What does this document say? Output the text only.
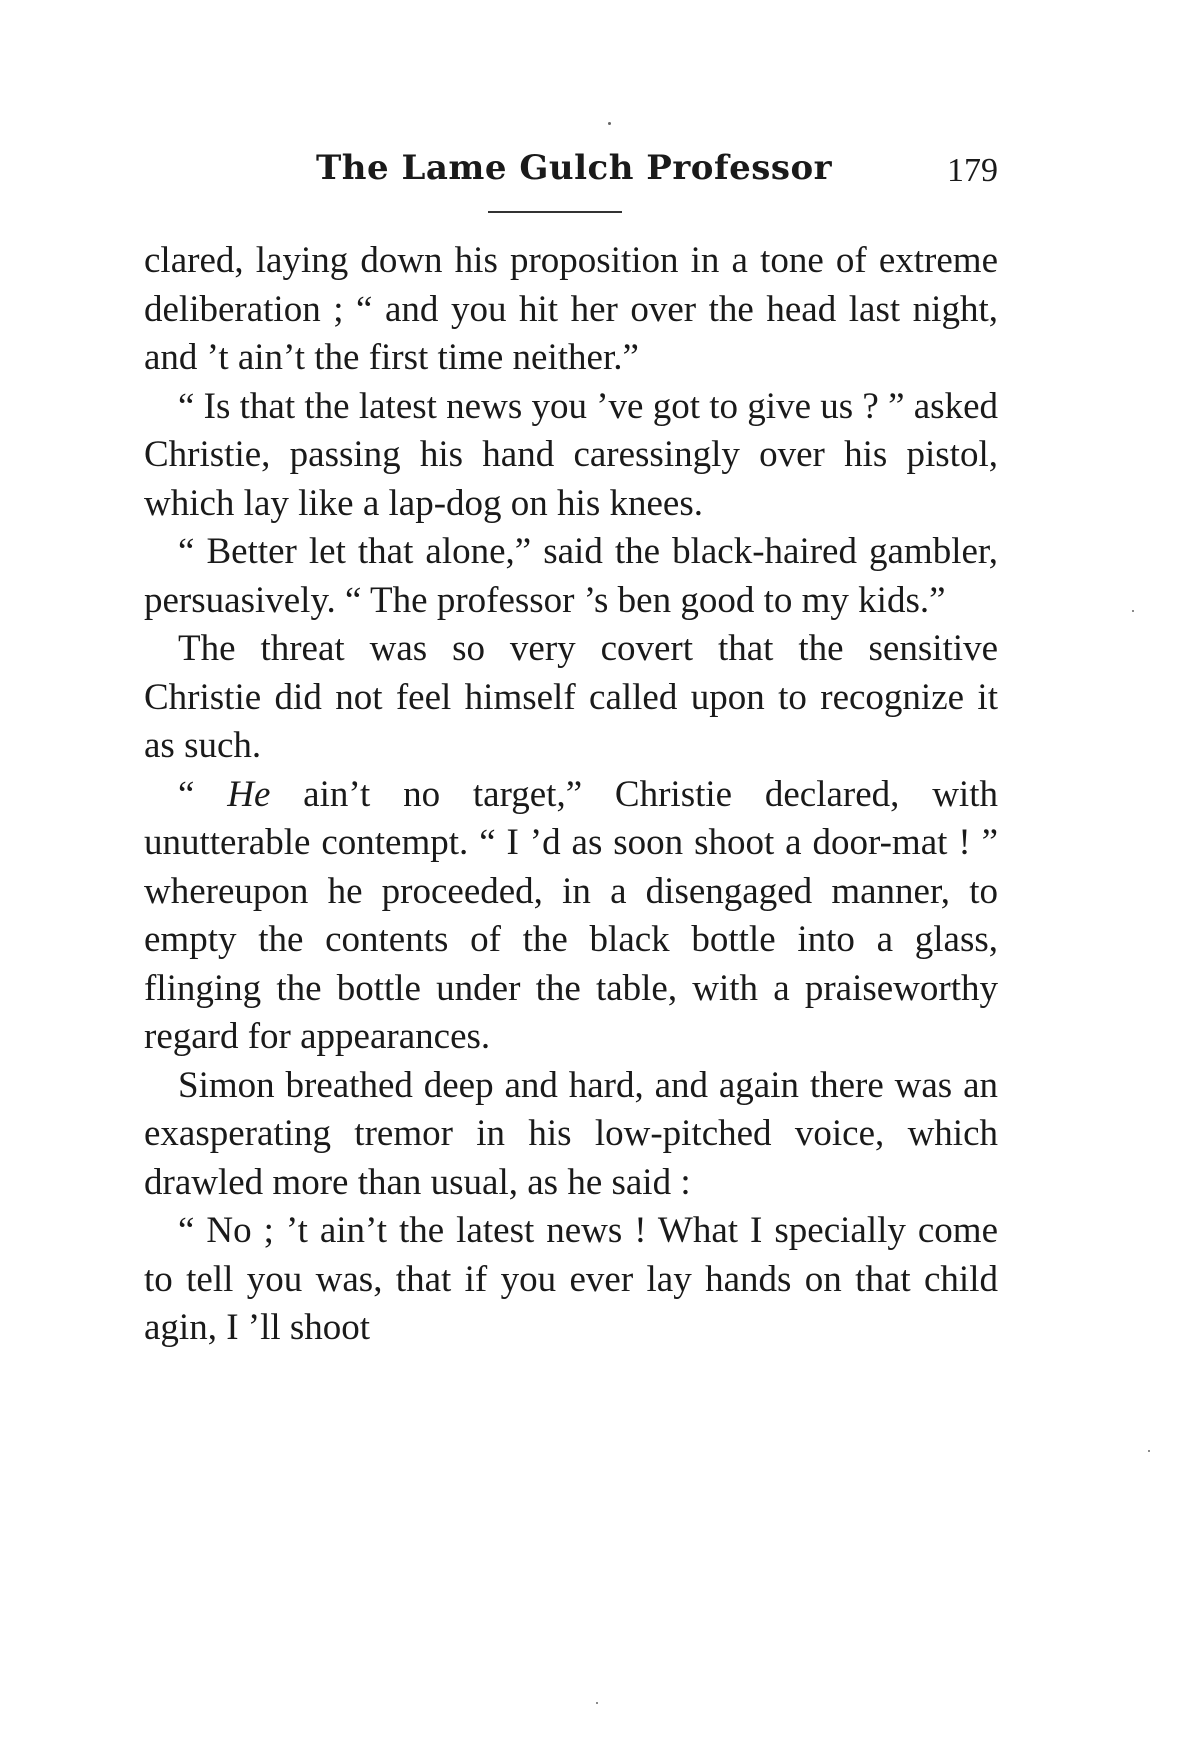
The Lame Gulch Professor	179

clared, laying down his proposition in a tone of extreme deliberation ; “ and you hit her over the head last night, and ’t ain’t the first time neither.”

“ Is that the latest news you ’ve got to give us ? ” asked Christie, passing his hand caressingly over his pistol, which lay like a lap-dog on his knees.

“ Better let that alone,” said the black-haired gambler, persuasively. “ The professor ’s ben good to my kids.”

The threat was so very covert that the sensitive Christie did not feel himself called upon to recognize it as such.

“ He ain’t no target,” Christie declared, with unutterable contempt. “ I ’d as soon shoot a door-mat ! ” whereupon he proceeded, in a disengaged manner, to empty the contents of the black bottle into a glass, flinging the bottle under the table, with a praiseworthy regard for appearances.

Simon breathed deep and hard, and again there was an exasperating tremor in his low-pitched voice, which drawled more than usual, as he said :

“ No ; ’t ain’t the latest news ! What I specially come to tell you was, that if you ever lay hands on that child agin, I ’ll shoot
